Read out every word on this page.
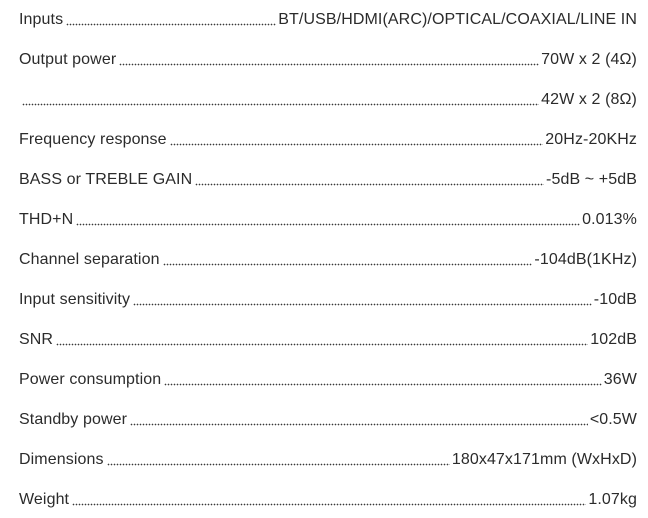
Inputs	BT/USB/HDMI(ARC)/OPTICAL/COAXIAL/LINE IN
Output power	70W x 2 (4Ω)
42W x 2 (8Ω)
Frequency response	20Hz-20KHz
BASS or TREBLE GAIN	-5dB ~ +5dB
THD+N	0.013%
Channel separation	-104dB(1KHz)
Input sensitivity	-10dB
SNR	102dB
Power consumption	36W
Standby power	<0.5W
Dimensions	180x47x171mm (WxHxD)
Weight	1.07kg
